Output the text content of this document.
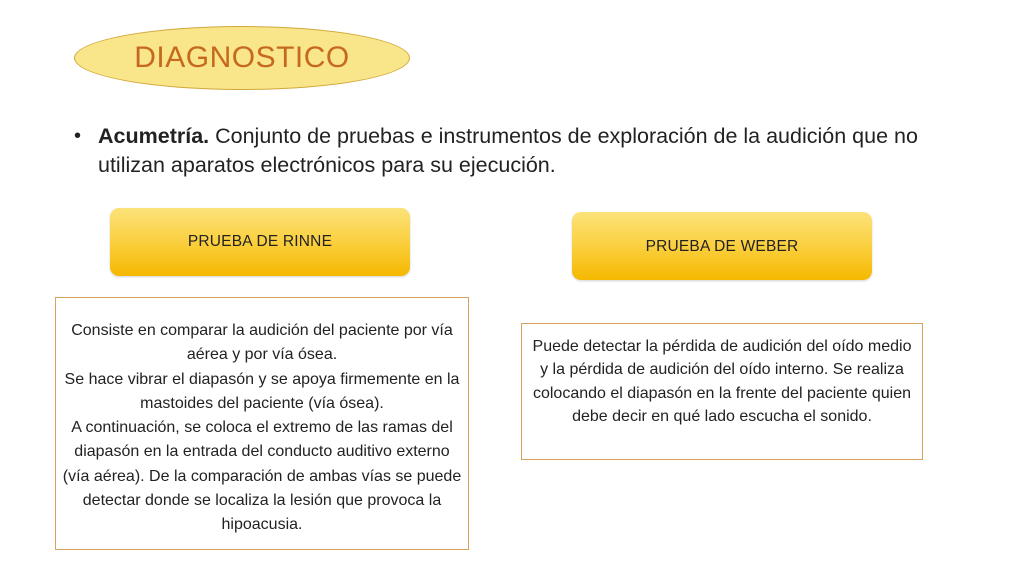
DIAGNOSTICO
• Acumetría. Conjunto de pruebas e instrumentos de exploración de la audición que no utilizan aparatos electrónicos para su ejecución.
PRUEBA DE RINNE	PRUEBA DE WEBER
Consiste en comparar la audición del paciente por vía aérea y por vía ósea.
Se hace vibrar el diapasón y se apoya firmemente en la mastoides del paciente (vía ósea).
A continuación, se coloca el extremo de las ramas del diapasón en la entrada del conducto auditivo externo (vía aérea). De la comparación de ambas vías se puede detectar donde se localiza la lesión que provoca la hipoacusia.
Puede detectar la pérdida de audición del oído medio y la pérdida de audición del oído interno. Se realiza colocando el diapasón en la frente del paciente quien debe decir en qué lado escucha el sonido.
